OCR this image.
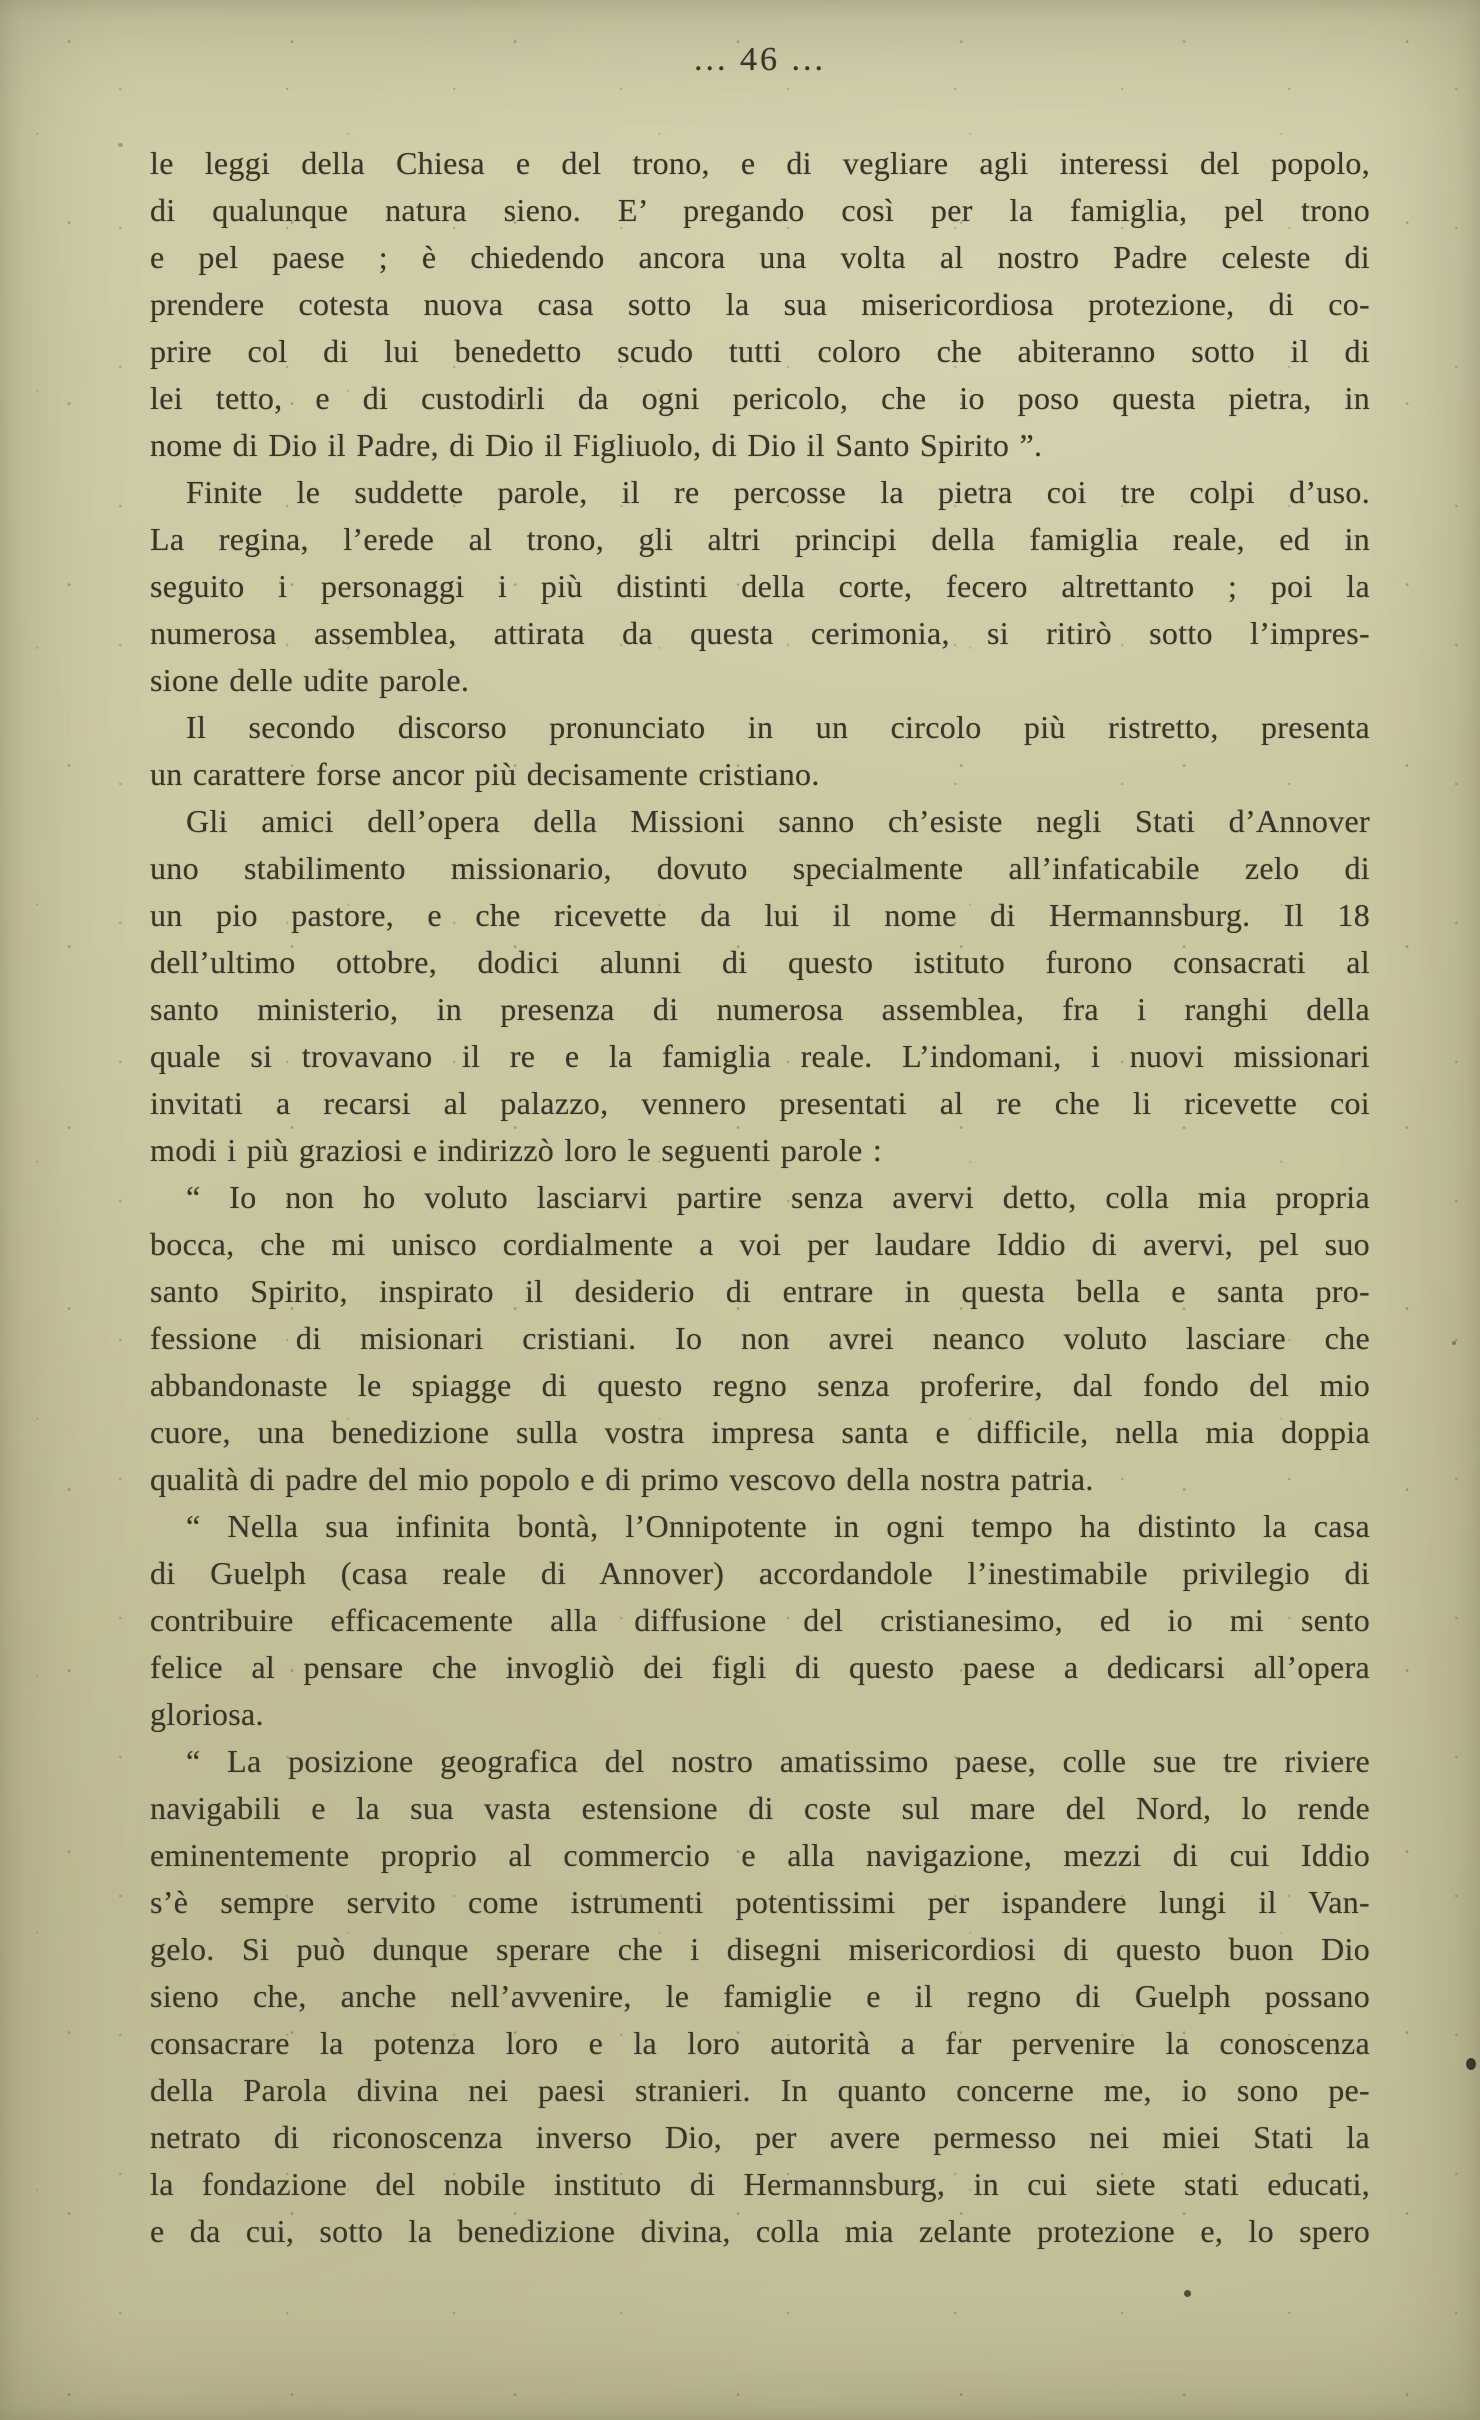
... 46 ...
le leggi della Chiesa e del trono, e di vegliare agli interessi del popolo,
di qualunque natura sieno. E’ pregando così per la famiglia, pel trono
e pel paese ; è chiedendo ancora una volta al nostro Padre celeste di
prendere cotesta nuova casa sotto la sua misericordiosa protezione, di co-
prire col di lui benedetto scudo tutti coloro che abiteranno sotto il di
lei tetto, e di custodirli da ogni pericolo, che io poso questa pietra, in
nome di Dio il Padre, di Dio il Figliuolo, di Dio il Santo Spirito ”.
Finite le suddette parole, il re percosse la pietra coi tre colpi d’uso.
La regina, l’erede al trono, gli altri principi della famiglia reale, ed in
seguito i personaggi i più distinti della corte, fecero altrettanto ; poi la
numerosa assemblea, attirata da questa cerimonia, si ritirò sotto l’impres-
sione delle udite parole.
Il secondo discorso pronunciato in un circolo più ristretto, presenta
un carattere forse ancor più decisamente cristiano.
Gli amici dell’opera della Missioni sanno ch’esiste negli Stati d’Annover
uno stabilimento missionario, dovuto specialmente all’infaticabile zelo di
un pio pastore, e che ricevette da lui il nome di Hermannsburg. Il 18
dell’ultimo ottobre, dodici alunni di questo istituto furono consacrati al
santo ministerio, in presenza di numerosa assemblea, fra i ranghi della
quale si trovavano il re e la famiglia reale. L’indomani, i nuovi missionari
invitati a recarsi al palazzo, vennero presentati al re che li ricevette coi
modi i più graziosi e indirizzò loro le seguenti parole :
“ Io non ho voluto lasciarvi partire senza avervi detto, colla mia propria
bocca, che mi unisco cordialmente a voi per laudare Iddio di avervi, pel suo
santo Spirito, inspirato il desiderio di entrare in questa bella e santa pro-
fessione di misionari cristiani. Io non avrei neanco voluto lasciare che
abbandonaste le spiagge di questo regno senza proferire, dal fondo del mio
cuore, una benedizione sulla vostra impresa santa e difficile, nella mia doppia
qualità di padre del mio popolo e di primo vescovo della nostra patria.
“ Nella sua infinita bontà, l’Onnipotente in ogni tempo ha distinto la casa
di Guelph (casa reale di Annover) accordandole l’inestimabile privilegio di
contribuire efficacemente alla diffusione del cristianesimo, ed io mi sento
felice al pensare che invogliò dei figli di questo paese a dedicarsi all’opera
gloriosa.
“ La posizione geografica del nostro amatissimo paese, colle sue tre riviere
navigabili e la sua vasta estensione di coste sul mare del Nord, lo rende
eminentemente proprio al commercio e alla navigazione, mezzi di cui Iddio
s’è sempre servito come istrumenti potentissimi per ispandere lungi il Van-
gelo. Si può dunque sperare che i disegni misericordiosi di questo buon Dio
sieno che, anche nell’avvenire, le famiglie e il regno di Guelph possano
consacrare la potenza loro e la loro autorità a far pervenire la conoscenza
della Parola divina nei paesi stranieri. In quanto concerne me, io sono pe-
netrato di riconoscenza inverso Dio, per avere permesso nei miei Stati la
la fondazione del nobile instituto di Hermannsburg, in cui siete stati educati,
e da cui, sotto la benedizione divina, colla mia zelante protezione e, lo spero
